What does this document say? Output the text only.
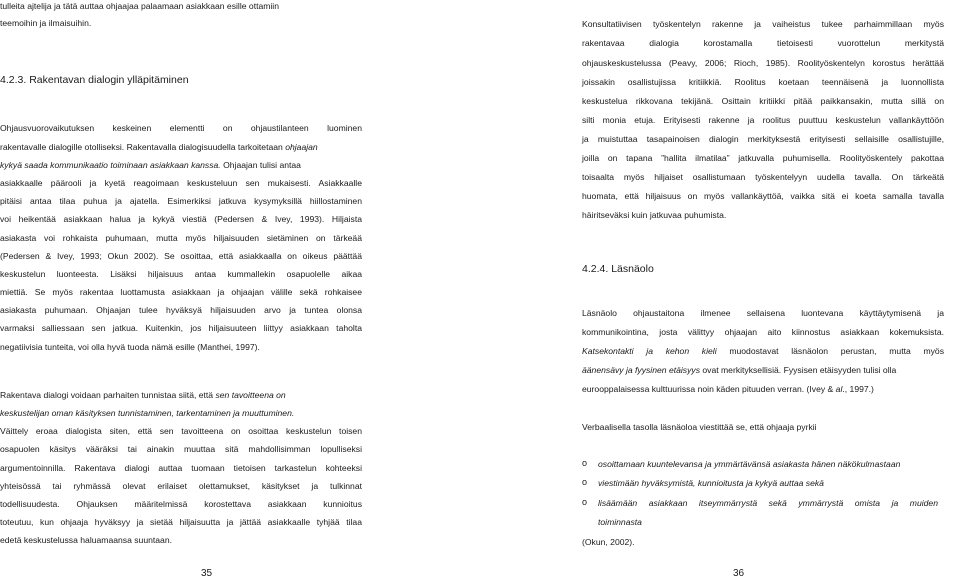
tulleita ajtelija ja tätä auttaa ohjaajaa palaamaan asiakkaan esille ottamiin
teemoihin ja ilmaisuihin.
4.2.3. Rakentavan dialogin ylläpitäminen
Ohjausvuorovaikutuksen keskeinen elementti on ohjaustilanteen luominen
rakentavalle dialogille otolliseksi. Rakentavalla dialogisuudella tarkoitetaan ohjaajan
kykyä saada kommunikaatio toiminaan asiakkaan kanssa. Ohjaajan tulisi antaa
asiakkaalle päärooli ja kyetä reagoimaan keskusteluun sen mukaisesti. Asiakkaalle
pitäisi antaa tilaa puhua ja ajatella. Esimerkiksi jatkuva kysymyksillä hiillostaminen
voi heikentää asiakkaan halua ja kykyä viestiä (Pedersen & Ivey, 1993). Hiljaista
asiakasta voi rohkaista puhumaan, mutta myös hiljaisuuden sietäminen on tärkeää
(Pedersen & Ivey, 1993; Okun 2002). Se osoittaa, että asiakkaalla on oikeus päättää
keskustelun luonteesta. Lisäksi hiljaisuus antaa kummallekin osapuolelle aikaa
miettiä. Se myös rakentaa luottamusta asiakkaan ja ohjaajan välille sekä rohkaisee
asiakasta puhumaan. Ohjaajan tulee hyväksyä hiljaisuuden arvo ja tuntea olonsa
varmaksi salliessaan sen jatkua. Kuitenkin, jos hiljaisuuteen liittyy asiakkaan taholta
negatiivisia tunteita, voi olla hyvä tuoda nämä esille (Manthei, 1997).
Rakentava dialogi voidaan parhaiten tunnistaa siitä, että sen tavoitteena on
keskustelijan oman käsityksen tunnistaminen, tarkentaminen ja muuttuminen.
Väittely eroaa dialogista siten, että sen tavoitteena on osoittaa keskustelun toisen
osapuolen käsitys vääräksi tai ainakin muuttaa sitä mahdollisimman lopulliseksi
argumentoinnilla. Rakentava dialogi auttaa tuomaan tietoisen tarkastelun kohteeksi
yhteisössä tai ryhmässä olevat erilaiset olettamukset, käsitykset ja tulkinnat
todellisuudesta. Ohjauksen määritelmissä korostettava asiakkaan kunnioitus
toteutuu, kun ohjaaja hyväksyy ja sietää hiljaisuutta ja jättää asiakkaalle tyhjää tilaa
edetä keskustelussa haluamaansa suuntaan.
35
Konsultatiivisen työskentelyn rakenne ja vaiheistus tukee parhaimmillaan myös
rakentavaa dialogia korostamalla tietoisesti vuorottelun merkitystä
ohjauskeskustelussa (Peavy, 2006; Rioch, 1985). Roolityöskentelyn korostus herättää
joissakin osallistujissa kritiikkiä. Roolitus koetaan teennäisenä ja luonnollista
keskustelua rikkovana tekijänä. Osittain kritiikki pitää paikkansakin, mutta sillä on
silti monia etuja. Erityisesti rakenne ja roolitus puuttuu keskustelun vallankäyttöön
ja muistuttaa tasapainoisen dialogin merkityksestä erityisesti sellaisille osallistujille,
joilla on tapana ”hallita ilmatilaa” jatkuvalla puhumisella. Roolityöskentely pakottaa
toisaalta myös hiljaiset osallistumaan työskentelyyn uudella tavalla. On tärkeätä
huomata, että hiljaisuus on myös vallankäyttöä, vaikka sitä ei koeta samalla tavalla
häiritseväksi kuin jatkuvaa puhumista.
4.2.4. Läsnäolo
Läsnäolo ohjaustaitona ilmenee sellaisena luontevana käyttäytymisenä ja
kommunikointina, josta välittyy ohjaajan aito kiinnostus asiakkaan kokemuksista.
Katsekontakti ja kehon kieli muodostavat läsnäolon perustan, mutta myös
äänensävy ja fyysinen etäisyys ovat merkityksellisiä. Fyysisen etäisyyden tulisi olla
eurooppalaisessa kulttuurissa noin käden pituuden verran. (Ivey & al., 1997.)
Verbaalisella tasolla läsnäoloa viestittää se, että ohjaaja pyrkii
o osoittamaan kuuntelevansa ja ymmärtävänsä asiakasta hänen näkökulmastaan
o viestimään hyväksymistä, kunnioitusta ja kykyä auttaa sekä
o lisäämään asiakkaan itseymmärrystä sekä ymmärrystä omista ja muiden
toiminnasta
(Okun, 2002).
36
